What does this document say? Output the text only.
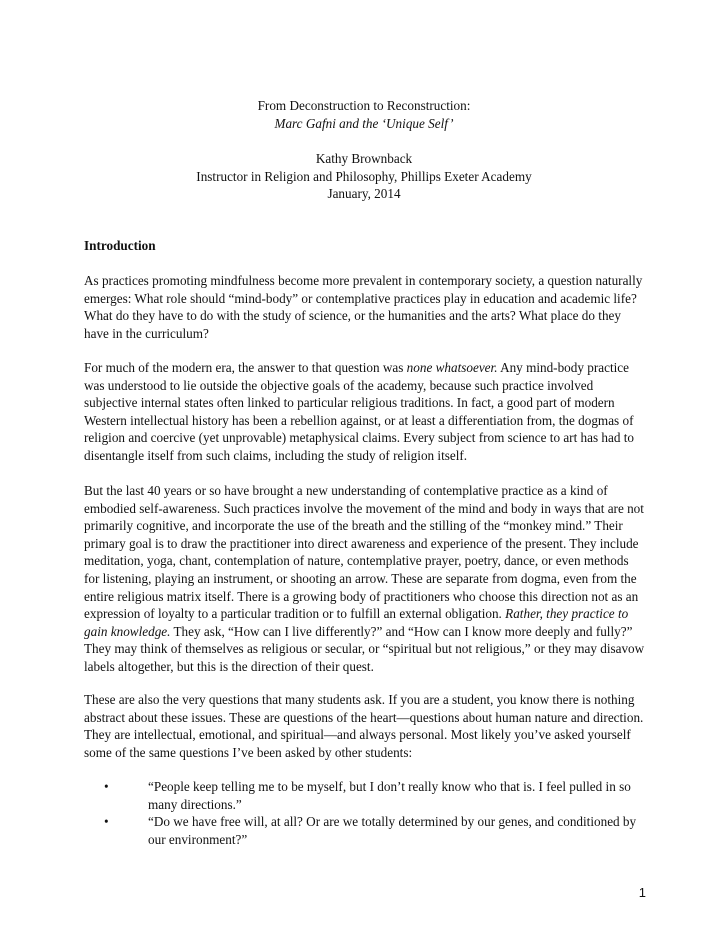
From Deconstruction to Reconstruction:
Marc Gafni and the ‘Unique Self’
Kathy Brownback
Instructor in Religion and Philosophy, Phillips Exeter Academy
January, 2014
Introduction

As practices promoting mindfulness become more prevalent in contemporary society, a question naturally
emerges: What role should “mind-body” or contemplative practices play in education and academic life?
What do they have to do with the study of science, or the humanities and the arts? What place do they
have in the curriculum?

For much of the modern era, the answer to that question was none whatsoever. Any mind-body practice
was understood to lie outside the objective goals of the academy, because such practice involved
subjective internal states often linked to particular religious traditions. In fact, a good part of modern
Western intellectual history has been a rebellion against, or at least a differentiation from, the dogmas of
religion and coercive (yet unprovable) metaphysical claims. Every subject from science to art has had to
disentangle itself from such claims, including the study of religion itself.

But the last 40 years or so have brought a new understanding of contemplative practice as a kind of
embodied self-awareness. Such practices involve the movement of the mind and body in ways that are not
primarily cognitive, and incorporate the use of the breath and the stilling of the “monkey mind.” Their
primary goal is to draw the practitioner into direct awareness and experience of the present. They include
meditation, yoga, chant, contemplation of nature, contemplative prayer, poetry, dance, or even methods
for listening, playing an instrument, or shooting an arrow. These are separate from dogma, even from the
entire religious matrix itself. There is a growing body of practitioners who choose this direction not as an
expression of loyalty to a particular tradition or to fulfill an external obligation. Rather, they practice to
gain knowledge. They ask, “How can I live differently?” and “How can I know more deeply and fully?”
They may think of themselves as religious or secular, or “spiritual but not religious,” or they may disavow
labels altogether, but this is the direction of their quest.

These are also the very questions that many students ask. If you are a student, you know there is nothing
abstract about these issues. These are questions of the heart—questions about human nature and direction.
They are intellectual, emotional, and spiritual—and always personal. Most likely you’ve asked yourself
some of the same questions I’ve been asked by other students:

•	“People keep telling me to be myself, but I don’t really know who that is. I feel pulled in so
many directions.”
•	“Do we have free will, at all? Or are we totally determined by our genes, and conditioned by
our environment?”
1
